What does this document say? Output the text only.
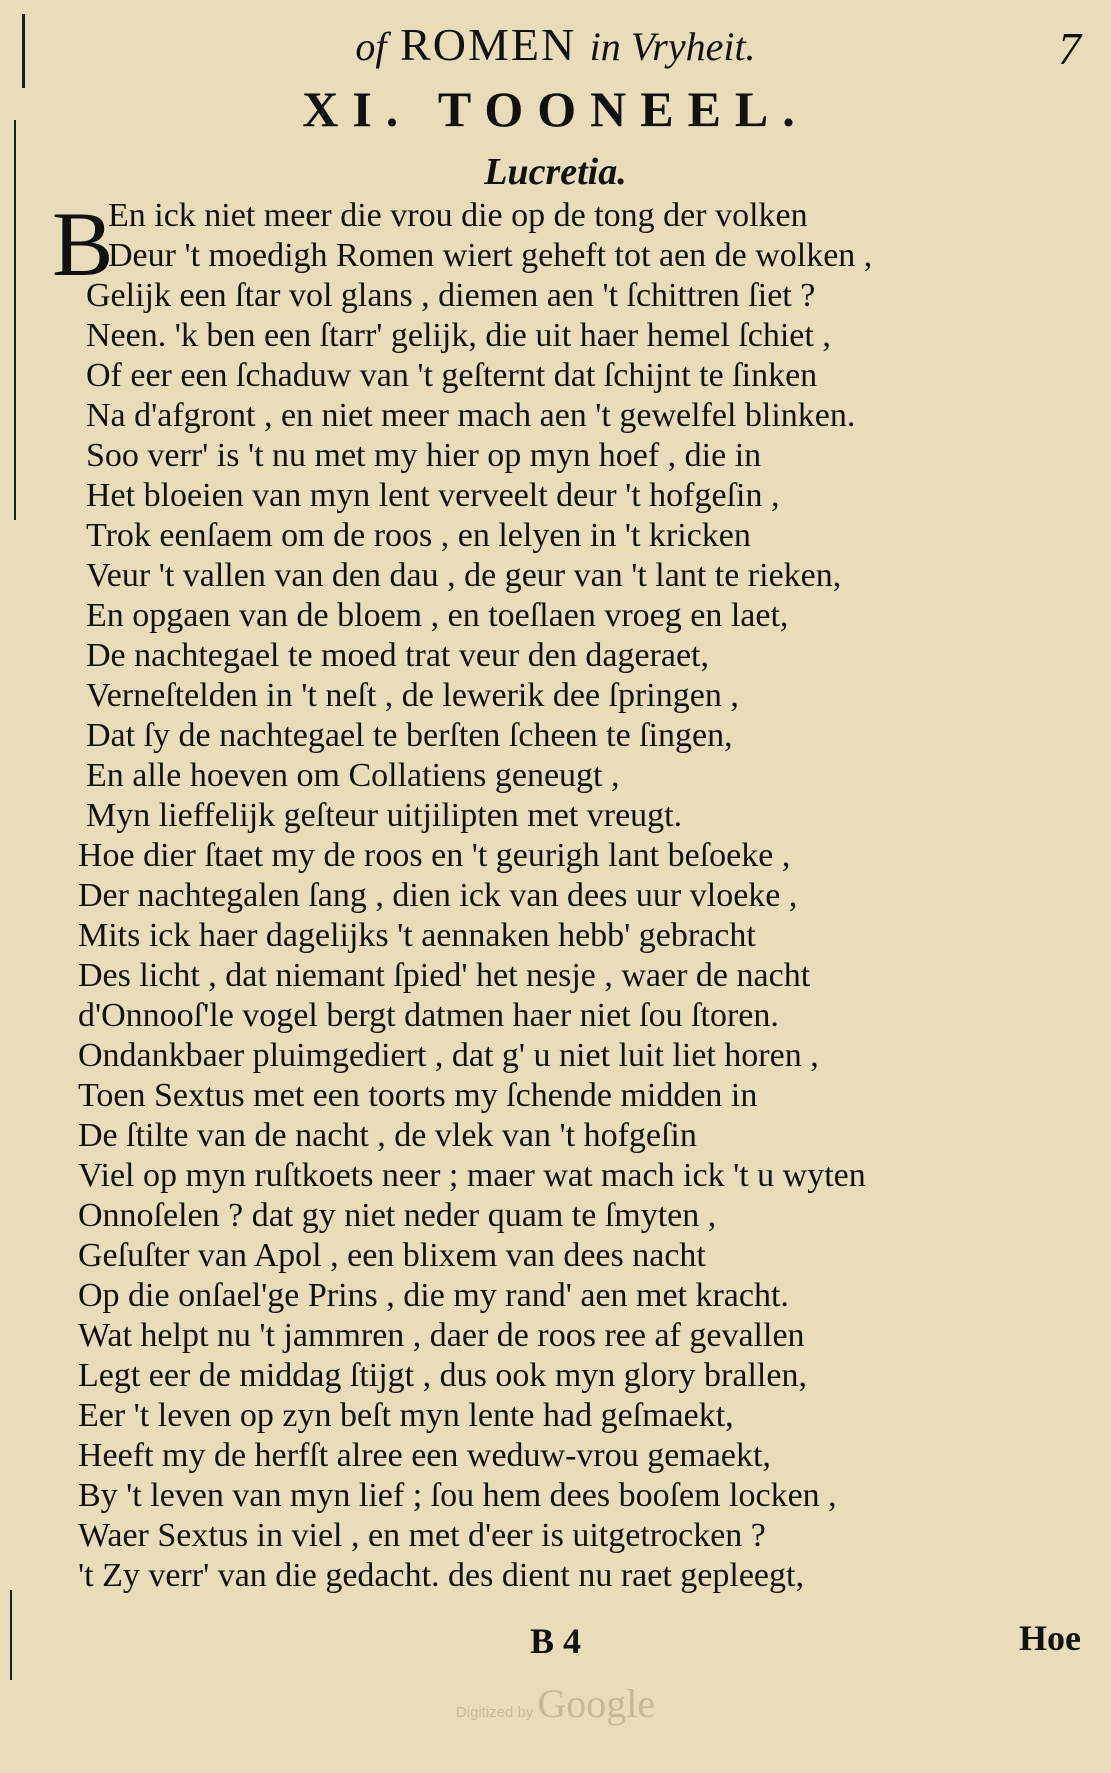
of ROMEN in Vryheit.	7
XI. TOONEEL.
Lucretia.
B
En ick niet meer die vrou die op de tong der volken
Deur 't moedigh Romen wiert geheft tot aen de wolken ,
Gelijk een ſtar vol glans , diemen aen 't ſchittren ſiet ?
Neen. 'k ben een ſtarr' gelijk, die uit haer hemel ſchiet ,
Of eer een ſchaduw van 't geſternt dat ſchijnt te ſinken
Na d'afgront , en niet meer mach aen 't gewelfel blinken.
Soo verr' is 't nu met my hier op myn hoef , die in
Het bloeien van myn lent verveelt deur 't hofgeſin ,
Trok eenſaem om de roos , en lelyen in 't kricken
Veur 't vallen van den dau , de geur van 't lant te rieken,
En opgaen van de bloem , en toeſlaen vroeg en laet,
De nachtegael te moed trat veur den dageraet,
Verneſtelden in 't neſt , de lewerik dee ſpringen ,
Dat ſy de nachtegael te berſten ſcheen te ſingen,
En alle hoeven om Collatiens geneugt ,
Myn lieffelijk geſteur uitjilipten met vreugt.
Hoe dier ſtaet my de roos en 't geurigh lant beſoeke ,
Der nachtegalen ſang , dien ick van dees uur vloeke ,
Mits ick haer dagelijks 't aennaken hebb' gebracht
Des licht , dat niemant ſpied' het nesje , waer de nacht
d'Onnooſ'le vogel bergt datmen haer niet ſou ſtoren.
Ondankbaer pluimgediert , dat g' u niet luit liet horen ,
Toen Sextus met een toorts my ſchende midden in
De ſtilte van de nacht , de vlek van 't hofgeſin
Viel op myn ruſtkoets neer ; maer wat mach ick 't u wyten
Onnoſelen ? dat gy niet neder quam te ſmyten ,
Geſuſter van Apol , een blixem van dees nacht
Op die onſael'ge Prins , die my rand' aen met kracht.
Wat helpt nu 't jammren , daer de roos ree af gevallen
Legt eer de middag ſtijgt , dus ook myn glory brallen,
Eer 't leven op zyn beſt myn lente had geſmaekt,
Heeft my de herfſt alree een weduw-vrou gemaekt,
By 't leven van myn lief ; ſou hem dees booſem locken ,
Waer Sextus in viel , en met d'eer is uitgetrocken ?
't Zy verr' van die gedacht. des dient nu raet gepleegt,
B 4	Hoe
Digitized by Google
